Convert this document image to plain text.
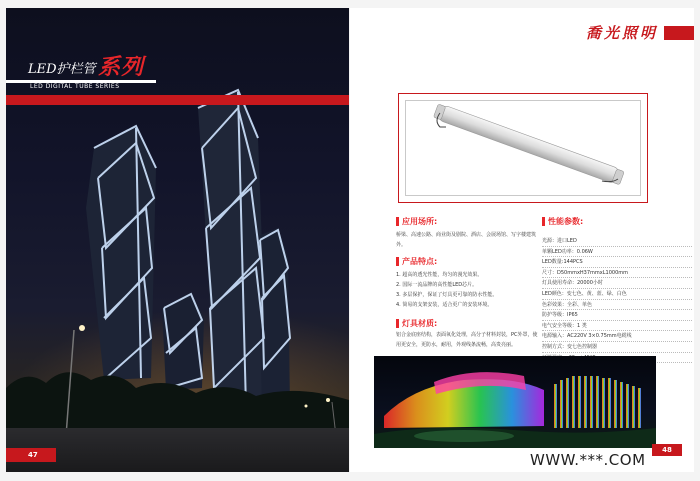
LED护栏管 系列
LED DIGITAL TUBE SERIES
47
喬光照明
应用场所:
桥梁、高速公路、商业街及剧院、酒店、会展场馆、写字楼建筑外。
产品特点:
1. 超高的透光性能，均匀的漫光效果。
2. 国际一流品牌的高性能LED芯片。
3. 多层保护，保证了灯具更可靠的防水性能。
4. 简易的支架安装，适合更广的安装环境。
灯具材质:
铝合金底座结构，表面氧化处理，高分子材料封装，PC外罩，使用更安全，更防水，耐用，外观线条流畅，高贵亮丽。
性能参数:
光源：进口LED
单颗LED功率：0.06W
LED数量:144PCS
尺寸：D50mmxH37mmxL1000mm
灯具使用寿命：20000小时
LED颜色：变七色、黄、蓝、绿、白色
色彩效果：全彩、单色
防护等级：IP65
电气安全等级：1 类
电源输入：AC220V 3×0.75mm电缆线
控制方式：变七色控制器
48
WWW.***.COM
